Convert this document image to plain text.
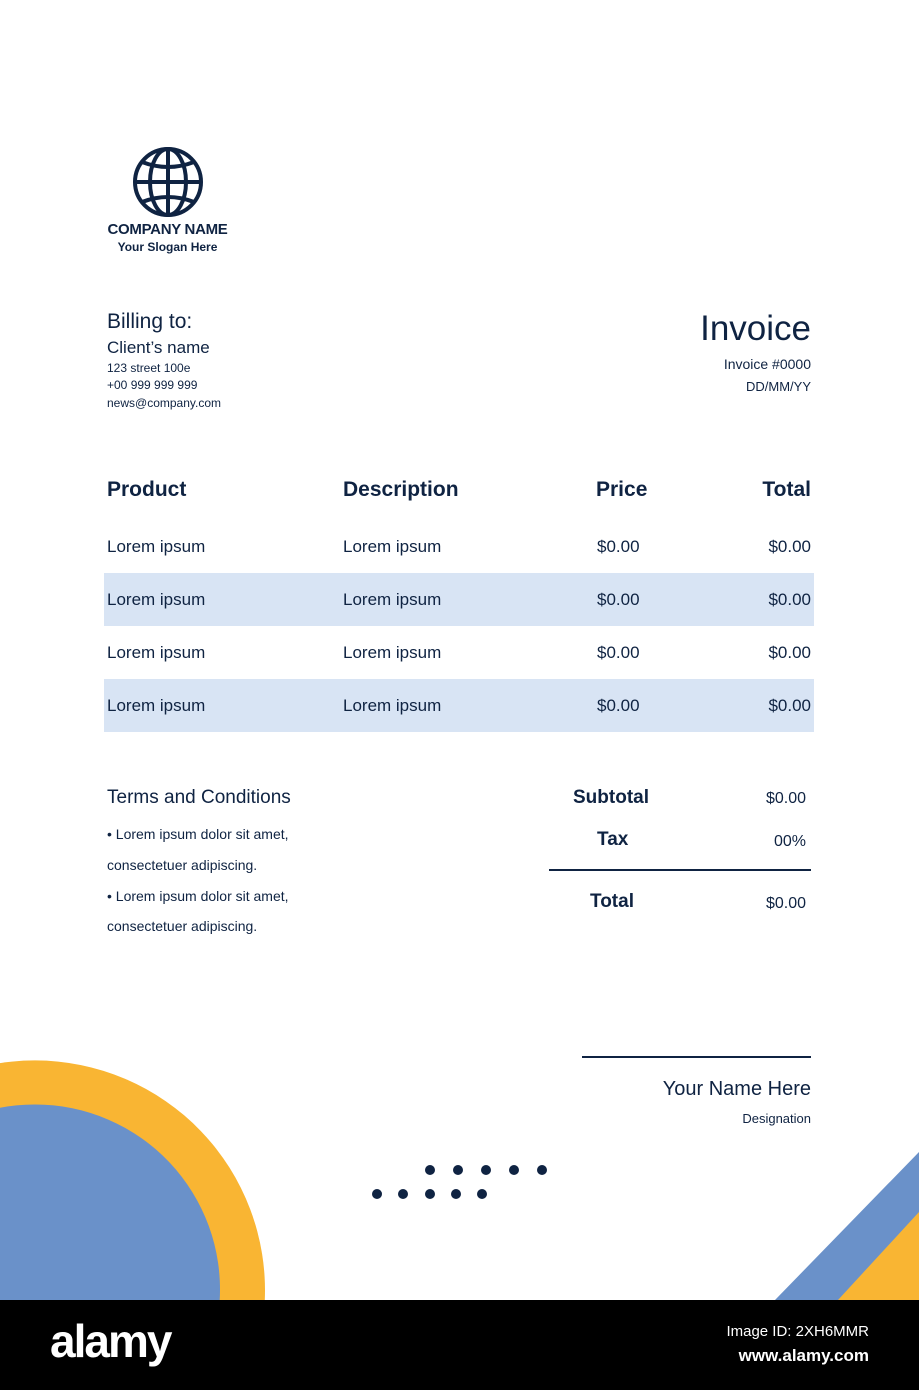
COMPANY NAME
Your Slogan Here
Billing to:
Client’s name
123 street 100e
+00 999 999 999
news@company.com
Invoice
Invoice #0000
DD/MM/YY
Product	Description	Price	Total
Lorem ipsum	Lorem ipsum	$0.00	$0.00
Lorem ipsum	Lorem ipsum	$0.00	$0.00
Lorem ipsum	Lorem ipsum	$0.00	$0.00
Lorem ipsum	Lorem ipsum	$0.00	$0.00
Terms and Conditions
• Lorem ipsum dolor sit amet,
consectetuer adipiscing.
• Lorem ipsum dolor sit amet,
consectetuer adipiscing.
Subtotal	$0.00
Tax	00%
Total	$0.00
Your Name Here
Designation
alamy	Image ID: 2XH6MMR
www.alamy.com
